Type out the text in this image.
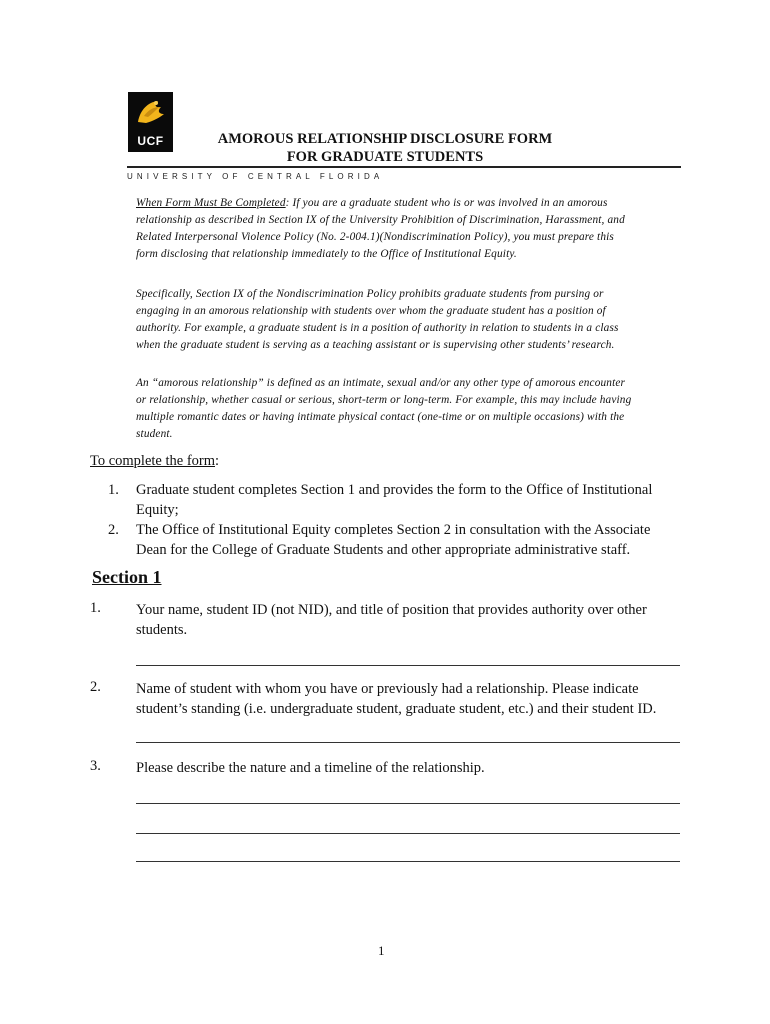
UCF	AMOROUS RELATIONSHIP DISCLOSURE FORM
FOR GRADUATE STUDENTS
UNIVERSITY OF CENTRAL FLORIDA
When Form Must Be Completed: If you are a graduate student who is or was involved in an amorous relationship as described in Section IX of the University Prohibition of Discrimination, Harassment, and Related Interpersonal Violence Policy (No. 2-004.1)(Nondiscrimination Policy), you must prepare this form disclosing that relationship immediately to the Office of Institutional Equity.
Specifically, Section IX of the Nondiscrimination Policy prohibits graduate students from pursing or engaging in an amorous relationship with students over whom the graduate student has a position of authority. For example, a graduate student is in a position of authority in relation to students in a class when the graduate student is serving as a teaching assistant or is supervising other students’ research.
An “amorous relationship” is defined as an intimate, sexual and/or any other type of amorous encounter or relationship, whether casual or serious, short-term or long-term. For example, this may include having multiple romantic dates or having intimate physical contact (one-time or on multiple occasions) with the student.
To complete the form:
1.	Graduate student completes Section 1 and provides the form to the Office of Institutional Equity;
2.	The Office of Institutional Equity completes Section 2 in consultation with the Associate Dean for the College of Graduate Students and other appropriate administrative staff.
Section 1
1. Your name, student ID (not NID), and title of position that provides authority over other students.
2. Name of student with whom you have or previously had a relationship. Please indicate student’s standing (i.e. undergraduate student, graduate student, etc.) and their student ID.
3. Please describe the nature and a timeline of the relationship.
1
